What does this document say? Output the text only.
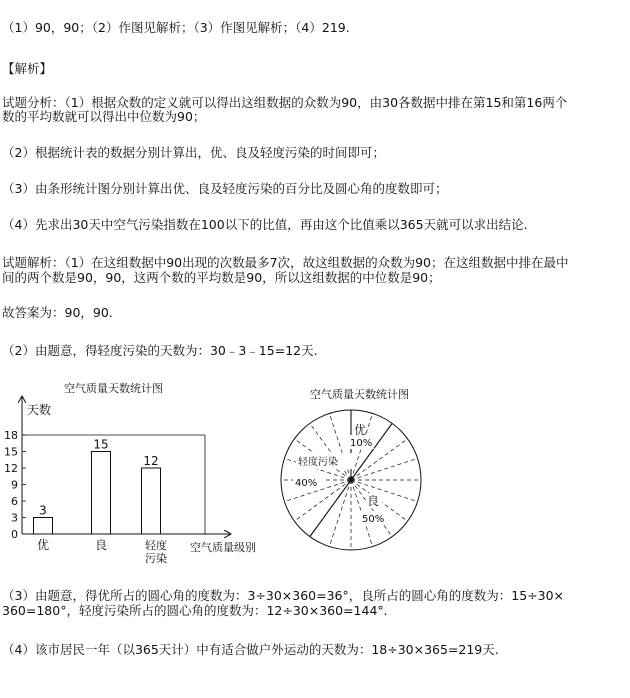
（1）90，90；（2）作图见解析；（3）作图见解析；（4）219.
【解析】
试题分析：（1）根据众数的定义就可以得出这组数据的众数为90，由30各数据中排在第15和第16两个
数的平均数就可以得出中位数为90；
（2）根据统计表的数据分别计算出，优、良及轻度污染的时间即可；
（3）由条形统计图分别计算出优、良及轻度污染的百分比及圆心角的度数即可；
（4）先求出30天中空气污染指数在100以下的比值，再由这个比值乘以365天就可以求出结论.
试题解析：（1）在这组数据中90出现的次数最多7次，故这组数据的众数为90；在这组数据中排在最中
间的两个数是90，90，这两个数的平均数是90，所以这组数据的中位数是90；
故答案为：90，90.
（2）由题意，得轻度污染的天数为：30﹣3﹣15=12天.
空气质量天数统计图	空气质量天数统计图
天数
空气质量级别
优	良	轻度
污染
0
3
6
9
12
15
18
3
15
12
优
10%
轻度污染
40%
良
50%
（3）由题意，得优所占的圆心角的度数为：3÷30×360=36°，良所占的圆心角的度数为：15÷30×
360=180°，轻度污染所占的圆心角的度数为：12÷30×360=144°.
（4）该市居民一年（以365天计）中有适合做户外运动的天数为：18÷30×365=219天.
